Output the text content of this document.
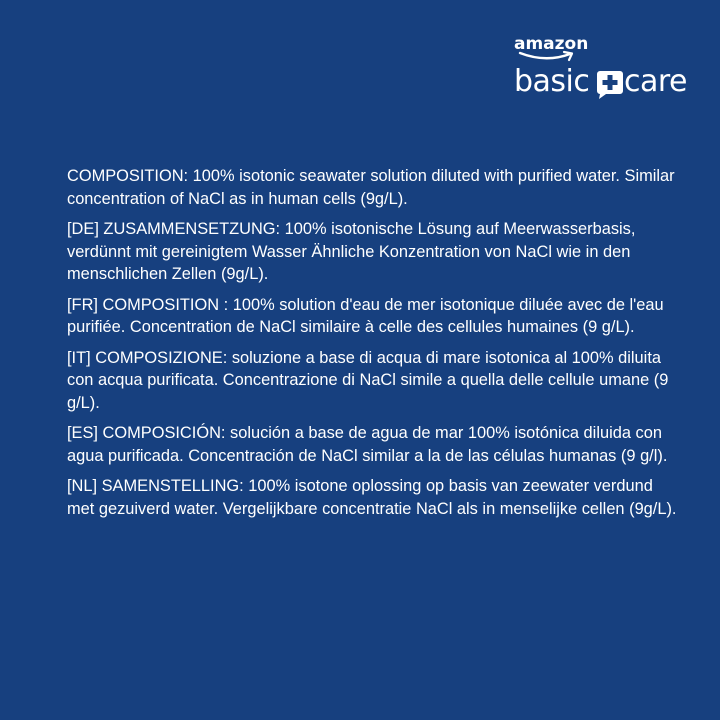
amazon
basic care

COMPOSITION: 100% isotonic seawater solution diluted with purified water. Similar concentration of NaCl as in human cells (9g/L).

[DE] ZUSAMMENSETZUNG: 100% isotonische Lösung auf Meerwasserbasis, verdünnt mit gereinigtem Wasser Ähnliche Konzentration von NaCl wie in den menschlichen Zellen (9g/L).

[FR] COMPOSITION : 100% solution d'eau de mer isotonique diluée avec de l'eau purifiée. Concentration de NaCl similaire à celle des cellules humaines (9 g/L).

[IT] COMPOSIZIONE: soluzione a base di acqua di mare isotonica al 100% diluita con acqua purificata. Concentrazione di NaCl simile a quella delle cellule umane (9 g/L).

[ES] COMPOSICIÓN: solución a base de agua de mar 100% isotónica diluida con agua purificada. Concentración de NaCl similar a la de las células humanas (9 g/l).

[NL] SAMENSTELLING: 100% isotone oplossing op basis van zeewater verdund met gezuiverd water. Vergelijkbare concentratie NaCl als in menselijke cellen (9g/L).
